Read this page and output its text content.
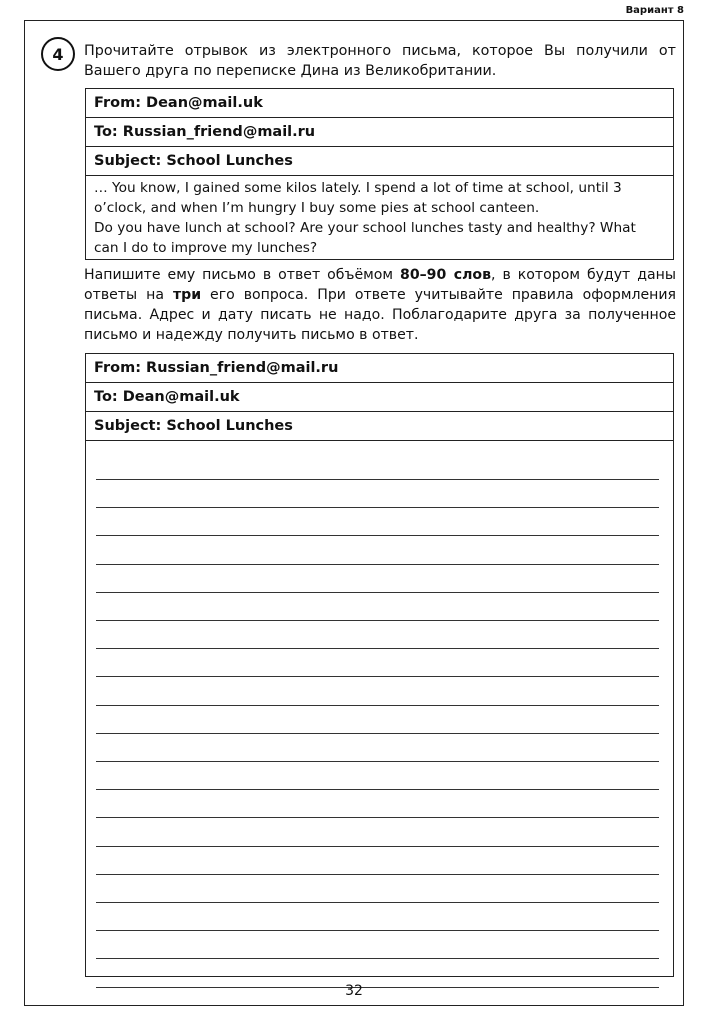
Вариант 8
4 Прочитайте отрывок из электронного письма, которое Вы получили от Вашего друга по переписке Дина из Великобритании.

From: Dean@mail.uk
To: Russian_friend@mail.ru
Subject: School Lunches

… You know, I gained some kilos lately. I spend a lot of time at school, until 3 o’clock, and when I’m hungry I buy some pies at school canteen.

Do you have lunch at school? Are your school lunches tasty and healthy? What can I do to improve my lunches?

Напишите ему письмо в ответ объёмом 80–90 слов, в котором будут даны ответы на три его вопроса. При ответе учитывайте правила оформления письма. Адрес и дату писать не надо. Поблагодарите друга за полученное письмо и надежду получить письмо в ответ.

From: Russian_friend@mail.ru
To: Dean@mail.uk
Subject: School Lunches
32
